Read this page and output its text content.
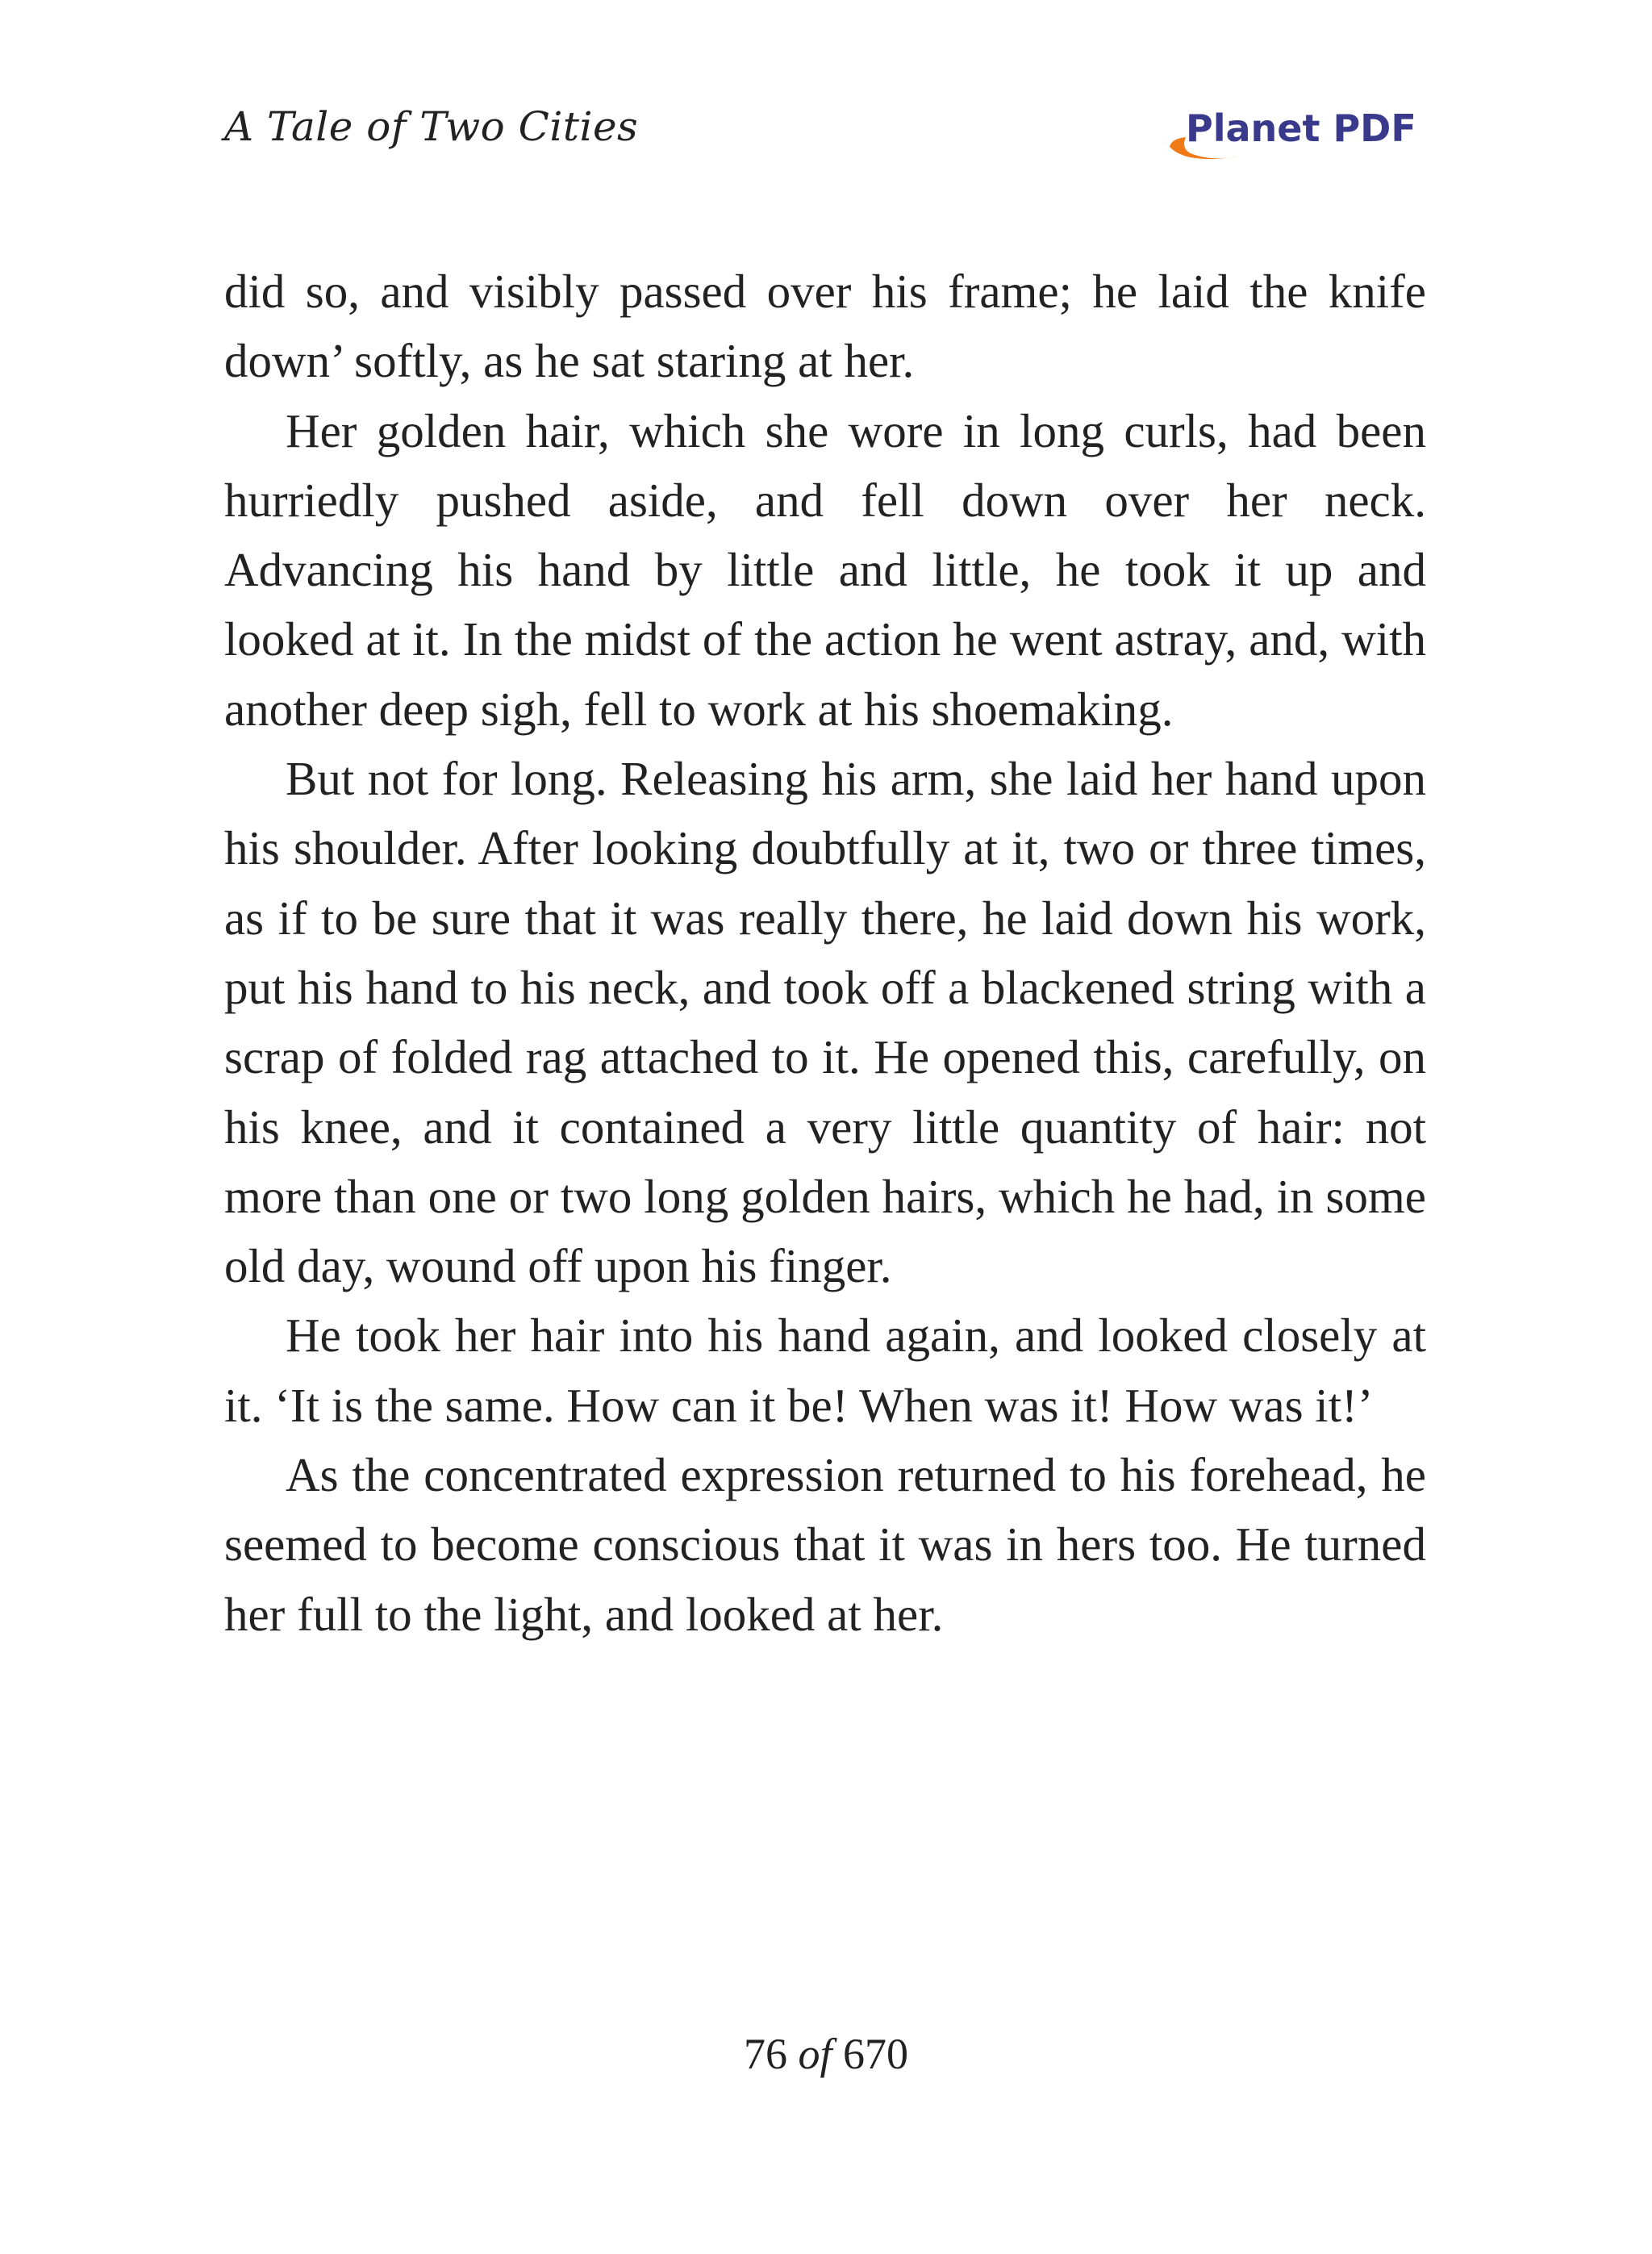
A Tale of Two Cities	Planet PDF

did so, and visibly passed over his frame; he laid the knife down’ softly, as he sat staring at her.

Her golden hair, which she wore in long curls, had been hurriedly pushed aside, and fell down over her neck. Advancing his hand by little and little, he took it up and looked at it. In the midst of the action he went astray, and, with another deep sigh, fell to work at his shoemaking.

But not for long. Releasing his arm, she laid her hand upon his shoulder. After looking doubtfully at it, two or three times, as if to be sure that it was really there, he laid down his work, put his hand to his neck, and took off a blackened string with a scrap of folded rag attached to it. He opened this, carefully, on his knee, and it contained a very little quantity of hair: not more than one or two long golden hairs, which he had, in some old day, wound off upon his finger.

He took her hair into his hand again, and looked closely at it. ‘It is the same. How can it be! When was it! How was it!’

As the concentrated expression returned to his forehead, he seemed to become conscious that it was in hers too. He turned her full to the light, and looked at her.

76 of 670
